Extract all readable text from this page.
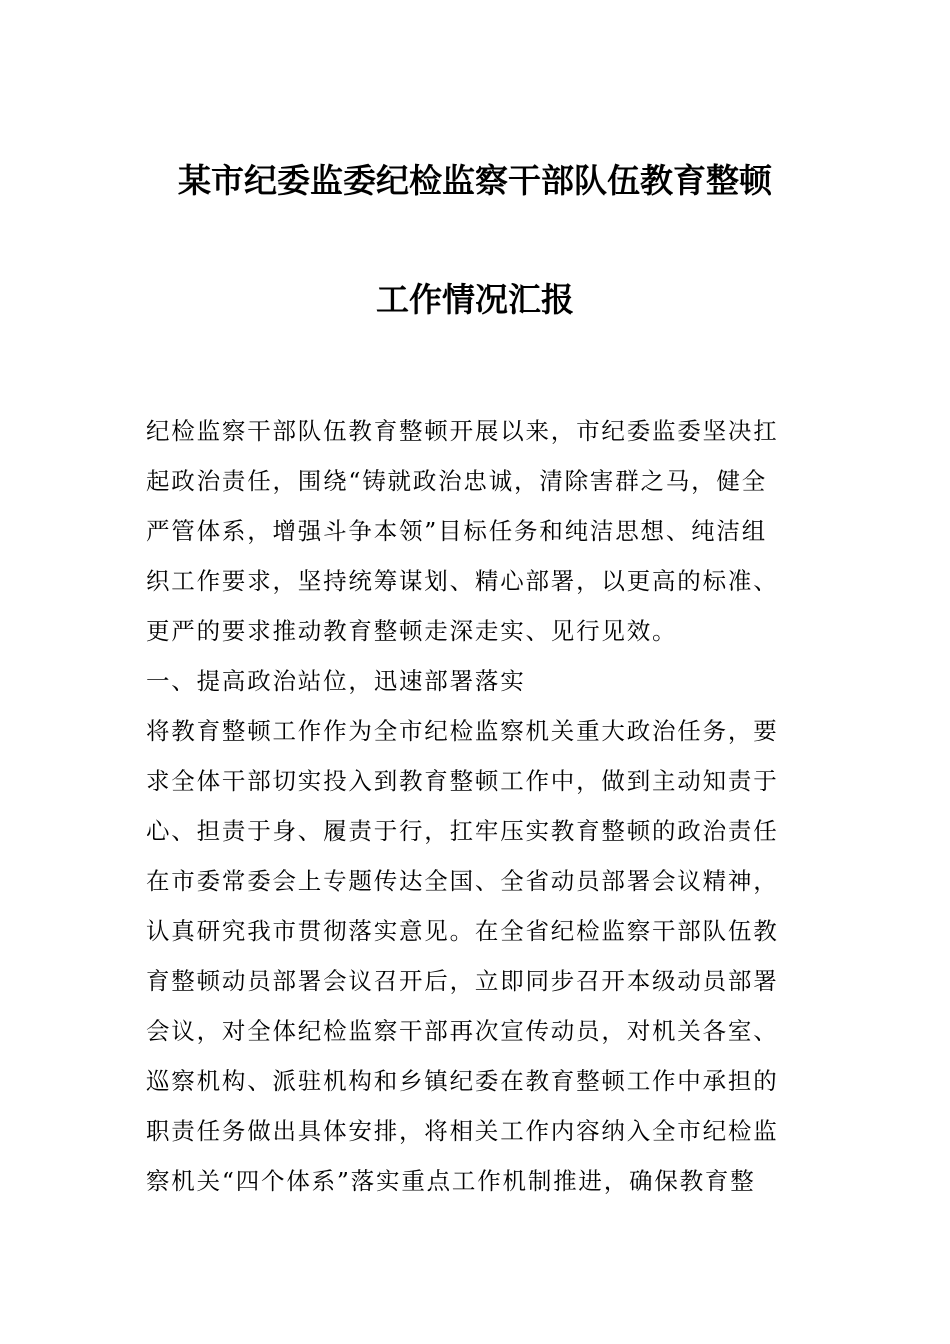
某市纪委监委纪检监察干部队伍教育整顿
工作情况汇报
纪检监察干部队伍教育整顿开展以来，市纪委监委坚决扛
起政治责任，围绕“铸就政治忠诚，清除害群之马，健全
严管体系，增强斗争本领”目标任务和纯洁思想、纯洁组
织工作要求，坚持统筹谋划、精心部署，以更高的标准、
更严的要求推动教育整顿走深走实、见行见效。
一、提高政治站位，迅速部署落实
将教育整顿工作作为全市纪检监察机关重大政治任务，要
求全体干部切实投入到教育整顿工作中，做到主动知责于
心、担责于身、履责于行，扛牢压实教育整顿的政治责任
在市委常委会上专题传达全国、全省动员部署会议精神，
认真研究我市贯彻落实意见。在全省纪检监察干部队伍教
育整顿动员部署会议召开后，立即同步召开本级动员部署
会议，对全体纪检监察干部再次宣传动员，对机关各室、
巡察机构、派驻机构和乡镇纪委在教育整顿工作中承担的
职责任务做出具体安排，将相关工作内容纳入全市纪检监
察机关“四个体系”落实重点工作机制推进，确保教育整
